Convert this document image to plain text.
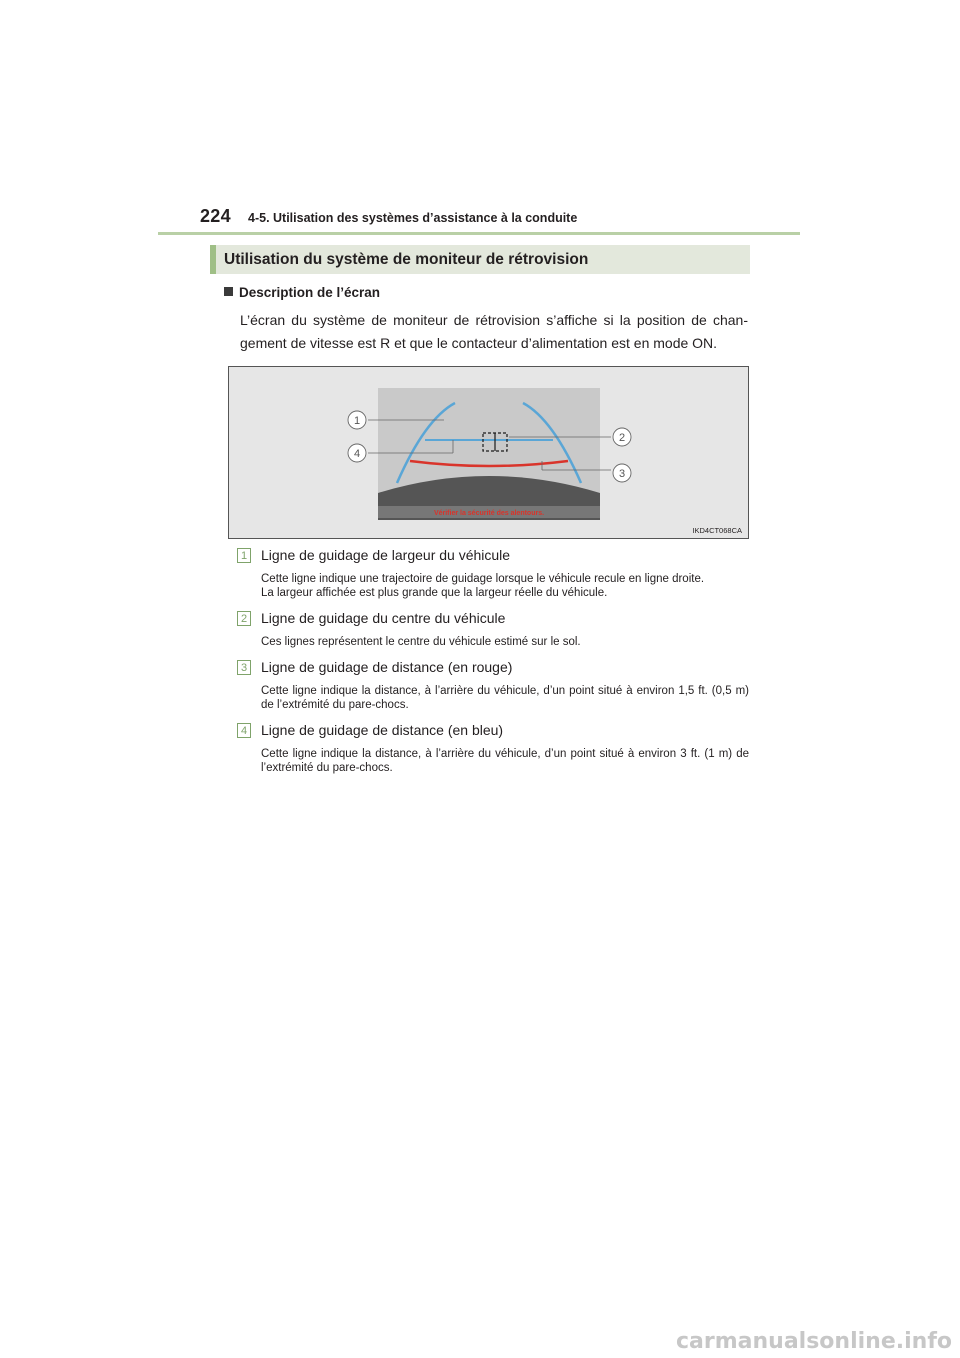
224 4-5. Utilisation des systèmes d’assistance à la conduite
Utilisation du système de moniteur de rétrovision
Description de l’écran
L’écran du système de moniteur de rétrovision s’affiche si la position de chan-gement de vitesse est R et que le contacteur d’alimentation est en mode ON.
1
2
3
4
Vérifier la sécurité des alentours.
IKD4CT068CA
1 Ligne de guidage de largeur du véhicule

Cette ligne indique une trajectoire de guidage lorsque le véhicule recule en ligne droite.

La largeur affichée est plus grande que la largeur réelle du véhicule.

2 Ligne de guidage du centre du véhicule

Ces lignes représentent le centre du véhicule estimé sur le sol.

3 Ligne de guidage de distance (en rouge)

Cette ligne indique la distance, à l’arrière du véhicule, d’un point situé à environ 1,5 ft. (0,5 m) de l’extrémité du pare-chocs.

4 Ligne de guidage de distance (en bleu)

Cette ligne indique la distance, à l’arrière du véhicule, d’un point situé à environ 3 ft. (1 m) de l’extrémité du pare-chocs.

carmanualsonline.info
